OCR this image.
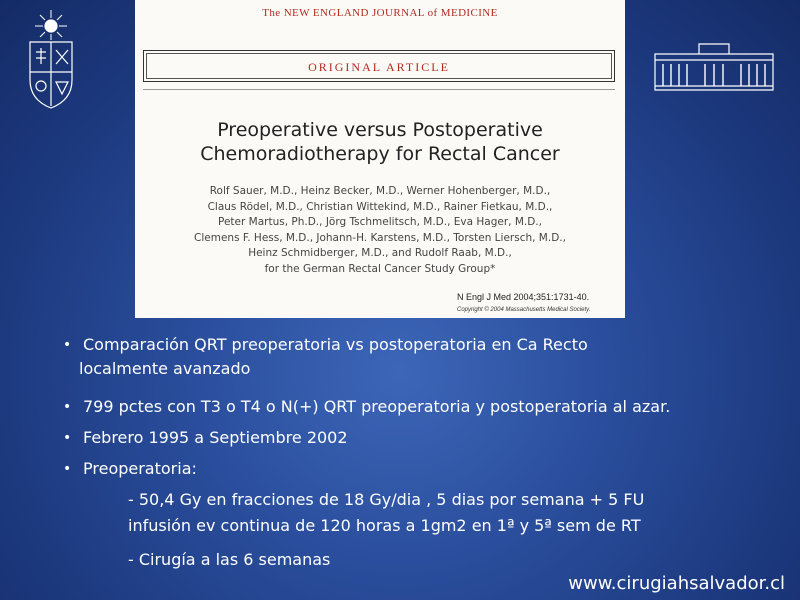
The NEW ENGLAND JOURNAL of MEDICINE
ORIGINAL ARTICLE
Preoperative versus Postoperative
Chemoradiotherapy for Rectal Cancer
Rolf Sauer, M.D., Heinz Becker, M.D., Werner Hohenberger, M.D.,
Claus Rödel, M.D., Christian Wittekind, M.D., Rainer Fietkau, M.D.,
Peter Martus, Ph.D., Jörg Tschmelitsch, M.D., Eva Hager, M.D.,
Clemens F. Hess, M.D., Johann-H. Karstens, M.D., Torsten Liersch, M.D.,
Heinz Schmidberger, M.D., and Rudolf Raab, M.D.,
for the German Rectal Cancer Study Group*
N Engl J Med 2004;351:1731-40.
Copyright © 2004 Massachusetts Medical Society.
• Comparación QRT preoperatoria vs postoperatoria en Ca Recto
localmente avanzado
• 799 pctes con T3 o T4 o N(+) QRT preoperatoria y postoperatoria al azar.
• Febrero 1995 a Septiembre 2002
• Preoperatoria:
- 50,4 Gy en fracciones de 18 Gy/dia , 5 dias por semana + 5 FU
infusión ev continua de 120 horas a 1gm2 en 1ª y 5ª sem de RT
- Cirugía a las 6 semanas
www.cirugiahsalvador.cl
